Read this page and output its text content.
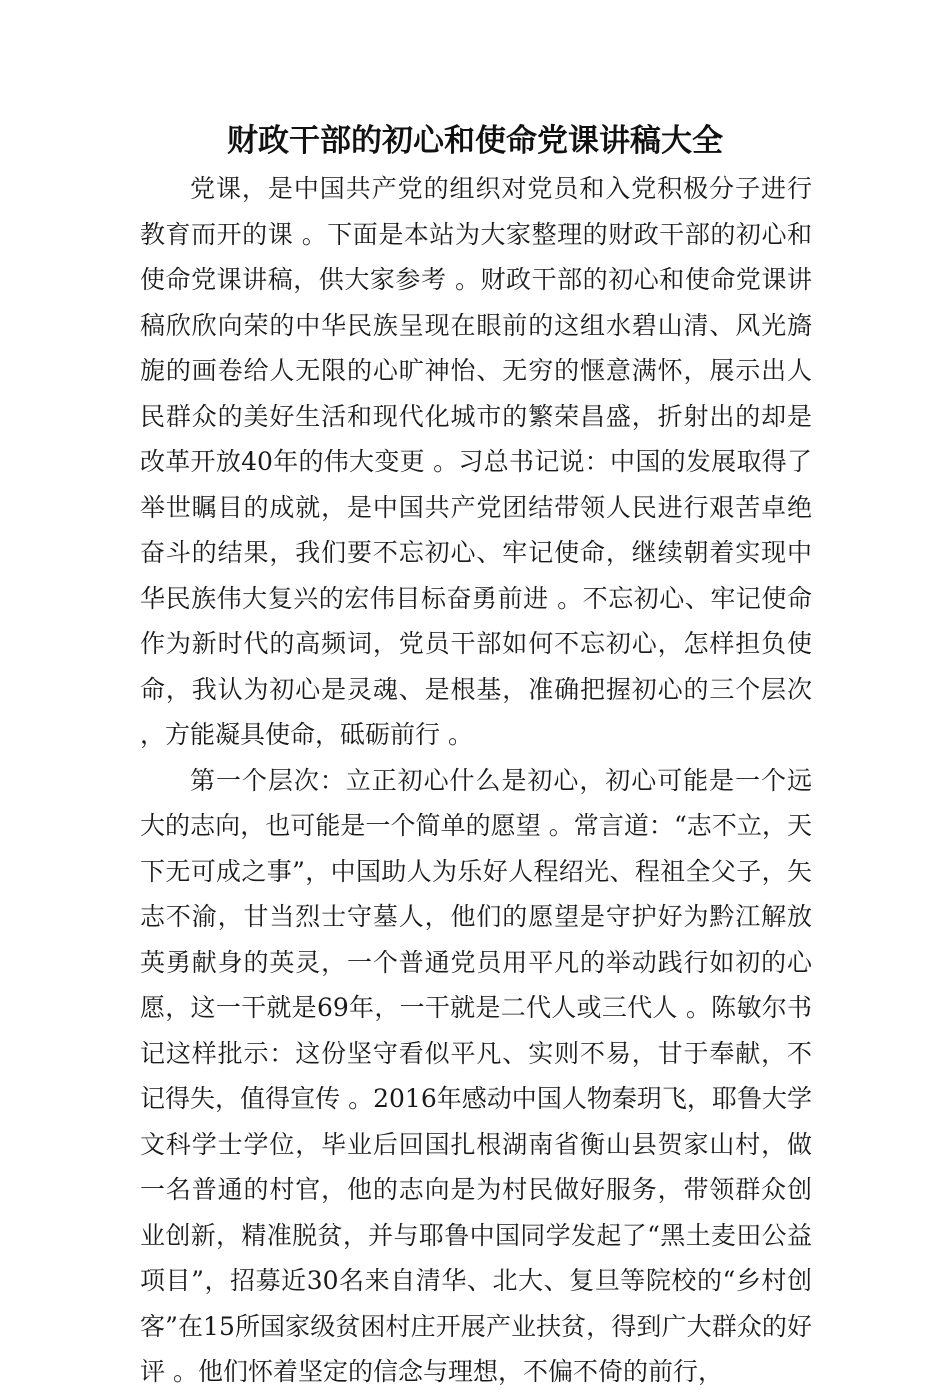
财政干部的初心和使命党课讲稿大全

党课，是中国共产党的组织对党员和入党积极分子进行教育而开的课 。下面是本站为大家整理的财政干部的初心和使命党课讲稿，供大家参考 。财政干部的初心和使命党课讲稿欣欣向荣的中华民族呈现在眼前的这组水碧山清、风光旖旎的画卷给人无限的心旷神怡、无穷的惬意满怀，展示出人民群众的美好生活和现代化城市的繁荣昌盛，折射出的却是改革开放40年的伟大变更 。习总书记说：中国的发展取得了举世瞩目的成就，是中国共产党团结带领人民进行艰苦卓绝奋斗的结果，我们要不忘初心、牢记使命，继续朝着实现中华民族伟大复兴的宏伟目标奋勇前进 。不忘初心、牢记使命作为新时代的高频词，党员干部如何不忘初心，怎样担负使命，我认为初心是灵魂、是根基，准确把握初心的三个层次，方能凝具使命，砥砺前行 。

第一个层次：立正初心什么是初心，初心可能是一个远大的志向，也可能是一个简单的愿望 。常言道：“志不立，天下无可成之事”，中国助人为乐好人程绍光、程祖全父子，矢志不渝，甘当烈士守墓人，他们的愿望是守护好为黔江解放英勇献身的英灵，一个普通党员用平凡的举动践行如初的心愿，这一干就是69年，一干就是二代人或三代人 。陈敏尔书记这样批示：这份坚守看似平凡、实则不易，甘于奉献，不记得失，值得宣传 。2016年感动中国人物秦玥飞，耶鲁大学文科学士学位，毕业后回国扎根湖南省衡山县贺家山村，做一名普通的村官，他的志向是为村民做好服务，带领群众创业创新，精准脱贫，并与耶鲁中国同学发起了“黑土麦田公益项目”，招募近30名来自清华、北大、复旦等院校的“乡村创客”在15所国家级贫困村庄开展产业扶贫，得到广大群众的好评 。他们怀着坚定的信念与理想，不偏不倚的前行，
